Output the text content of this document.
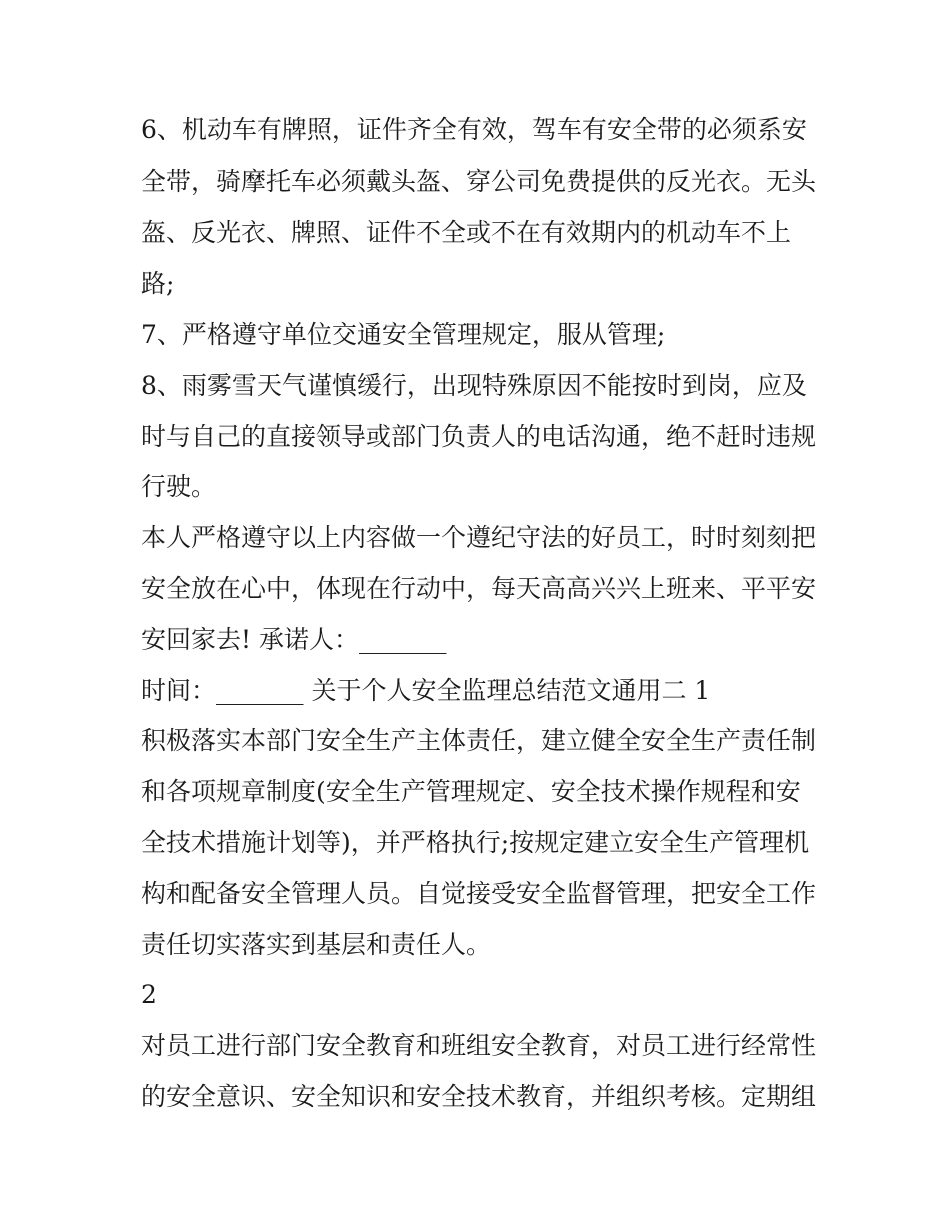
6、机动车有牌照，证件齐全有效，驾车有安全带的必须系安
全带，骑摩托车必须戴头盔、穿公司免费提供的反光衣。无头
盔、反光衣、牌照、证件不全或不在有效期内的机动车不上
路;
7、严格遵守单位交通安全管理规定，服从管理;
8、雨雾雪天气谨慎缓行，出现特殊原因不能按时到岗，应及
时与自己的直接领导或部门负责人的电话沟通，绝不赶时违规
行驶。
本人严格遵守以上内容做一个遵纪守法的好员工，时时刻刻把
安全放在心中，体现在行动中，每天高高兴兴上班来、平平安
安回家去! 承诺人：_______
时间：_______ 关于个人安全监理总结范文通用二 1
积极落实本部门安全生产主体责任，建立健全安全生产责任制
和各项规章制度(安全生产管理规定、安全技术操作规程和安
全技术措施计划等)，并严格执行;按规定建立安全生产管理机
构和配备安全管理人员。自觉接受安全监督管理，把安全工作
责任切实落实到基层和责任人。
2
对员工进行部门安全教育和班组安全教育，对员工进行经常性
的安全意识、安全知识和安全技术教育，并组织考核。定期组
